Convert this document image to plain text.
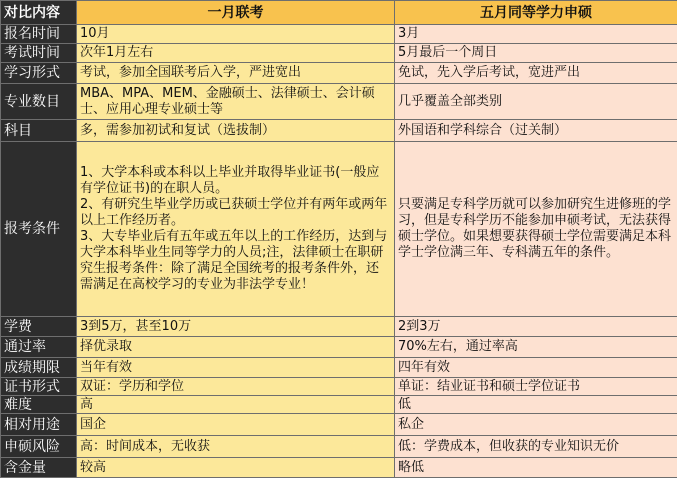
对比内容	一月联考	五月同等学力申硕
报名时间	10月	3月
考试时间	次年1月左右	5月最后一个周日
学习形式	考试，参加全国联考后入学，严进宽出	免试，先入学后考试，宽进严出
专业数目	MBA、MPA、MEM、金融硕士、法律硕士、会计硕士、应用心理专业硕士等	几乎覆盖全部类别
科目	多，需参加初试和复试（选拔制）	外国语和学科综合（过关制）
报考条件	1、大学本科或本科以上毕业并取得毕业证书(一般应有学位证书)的在职人员。
2、有研究生毕业学历或已获硕士学位并有两年或两年以上工作经历者。
3、大专毕业后有五年或五年以上的工作经历，达到与大学本科毕业生同等学力的人员;注，法律硕士在职研究生报考条件：除了满足全国统考的报考条件外，还需满足在高校学习的专业为非法学专业！	只要满足专科学历就可以参加研究生进修班的学习，但是专科学历不能参加申硕考试，无法获得硕士学位。如果想要获得硕士学位需要满足本科学士学位满三年、专科满五年的条件。
学费	3到5万，甚至10万	2到3万
通过率	择优录取	70%左右，通过率高
成绩期限	当年有效	四年有效
证书形式	双证：学历和学位	单证：结业证书和硕士学位证书
难度	高	低
相对用途	国企	私企
申硕风险	高：时间成本，无收获	低：学费成本，但收获的专业知识无价
含金量	较高	略低
